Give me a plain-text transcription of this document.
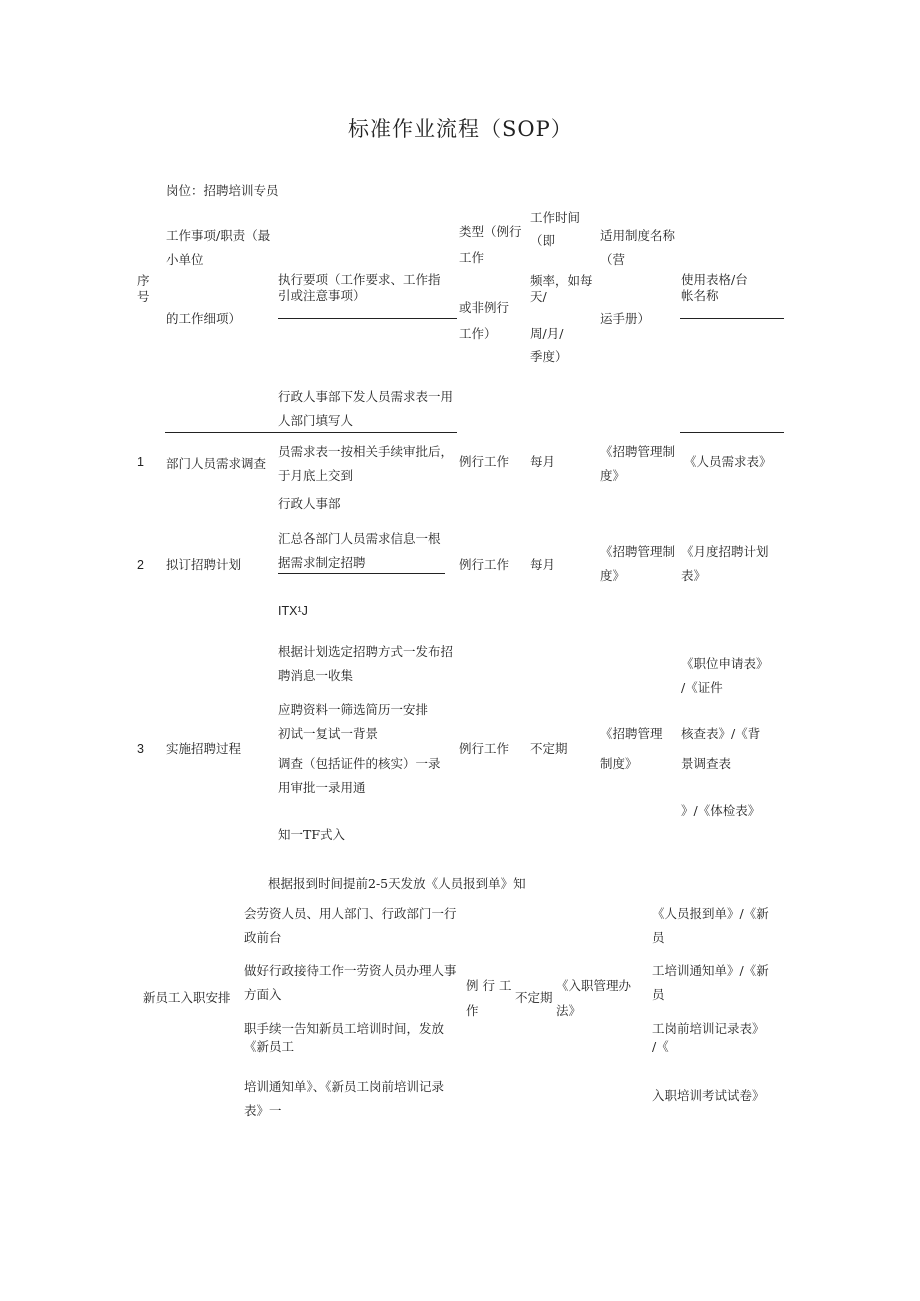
标准作业流程（SOP）
岗位：招聘培训专员
序
号
工作事项/职责（最
小单位
的工作细项）
执行要项（工作要求、工作指
引或注意事项）
类型（例行
工作
或非例行
工作）
工作时间
（即
频率，如每
天/
周/月/
季度）
适用制度名称
（营
运手册）
使用表格/台
帐名称
1 部门人员需求调查
行政人事部下发人员需求表一用
人部门填写人
员需求表一按相关手续审批后，
于月底上交到
行政人事部
例行工作 每月
《招聘管理制
度》
《人员需求表》
2 拟订招聘计划
汇总各部门人员需求信息一根
据需求制定招聘
ITX¹J
例行工作 每月
《招聘管理制
度》
《月度招聘计划
表》
3 实施招聘过程
根据计划选定招聘方式一发布招
聘消息一收集
应聘资料一筛选简历一安排
初试一复试一背景
调查（包括证件的核实）一录
用审批一录用通
知一TF式入
例行工作 不定期
《招聘管理
制度》
《职位申请表》
/《证件
核查表》/《背
景调查表
》/《体检表》
根据报到时间提前2-5天发放《人员报到单》知
新员工入职安排
会劳资人员、用人部门、行政部门一行
政前台
做好行政接待工作一劳资人员办理人事
方面入
职手续一告知新员工培训时间，发放
《新员工
培训通知单》、《新员工岗前培训记录
表》一
例 行 工
作
不定期
《入职管理办
法》
《人员报到单》/《新
员
工培训通知单》/《新
员
工岗前培训记录表》
/《
入职培训考试试卷》
